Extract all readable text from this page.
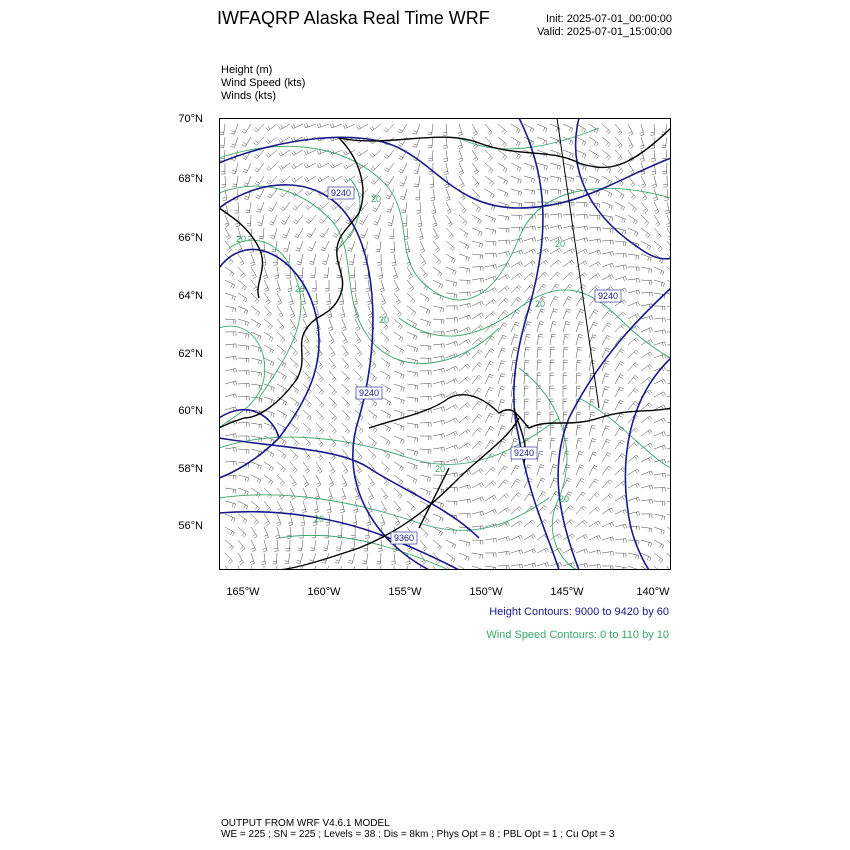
IWFAQRP Alaska Real Time WRF	Init: 2025-07-01_00:00:00
Valid: 2025-07-01_15:00:00
Height (m)
Wind Speed (kts)
Winds (kts)
70°N
68°N
66°N
64°N
62°N
60°N
58°N
56°N
165°W	160°W	155°W	150°W	145°W	140°W
9240
9240
9240
9240
9360
20
20
20
20
20
20
20
20
20
Height Contours: 9000 to 9420 by 60
Wind Speed Contours: 0 to 110 by 10
OUTPUT FROM WRF V4.6.1 MODEL
WE = 225 ; SN = 225 ; Levels = 38 ; Dis = 8km ; Phys Opt = 8 ; PBL Opt = 1 ; Cu Opt = 3
